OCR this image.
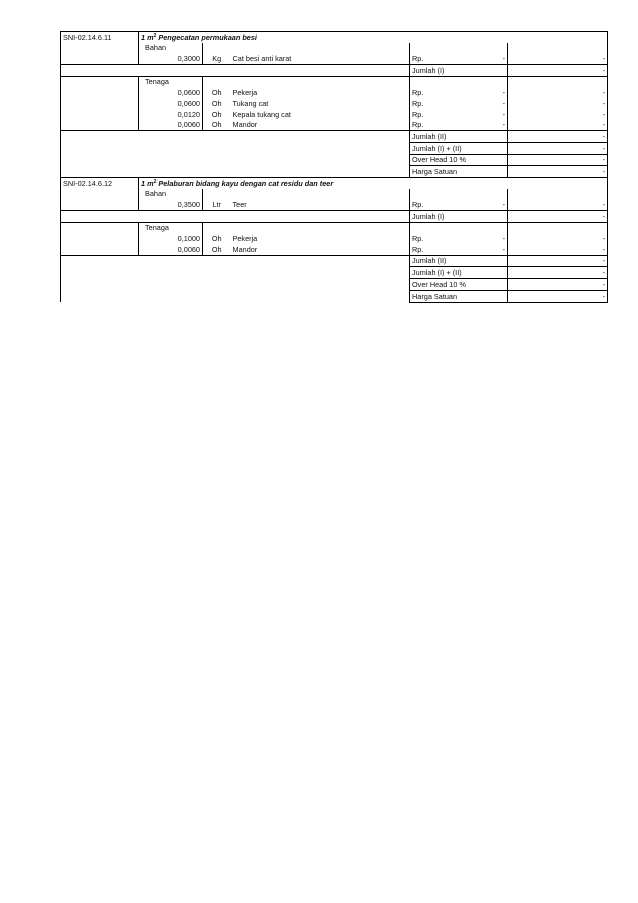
SNI-02.14.6.11	1 $m^2$ Pengecatan permukaan besi				
	Bahan				
	0,3000	Kg	Cat besi anti karat	Rp. -	-
				Jumlah (I)	-
	Tenaga				
	0,0600	Oh	Pekerja	Rp. -	-
	0,0600	Oh	Tukang cat	Rp. -	-
	0,0120	Oh	Kepala tukang cat	Rp. -	-
	0,0060	Oh	Mandor	Rp. -	-
				Jumlah (II)	-
				Jumlah (I) + (II)	-
				Over Head 10 %	-
				Harga Satuan	-
SNI-02.14.6.12	1 $m^2$ Pelaburan bidang kayu dengan cat residu dan teer				
	Bahan				
	0,3500	Ltr	Teer	Rp. -	-
				Jumlah (I)	-
	Tenaga				
	0,1000	Oh	Pekerja	Rp. -	-
	0,0060	Oh	Mandor	Rp. -	-
				Jumlah (II)	-
				Jumlah (I) + (II)	-
				Over Head 10 %	-
				Harga Satuan	-
